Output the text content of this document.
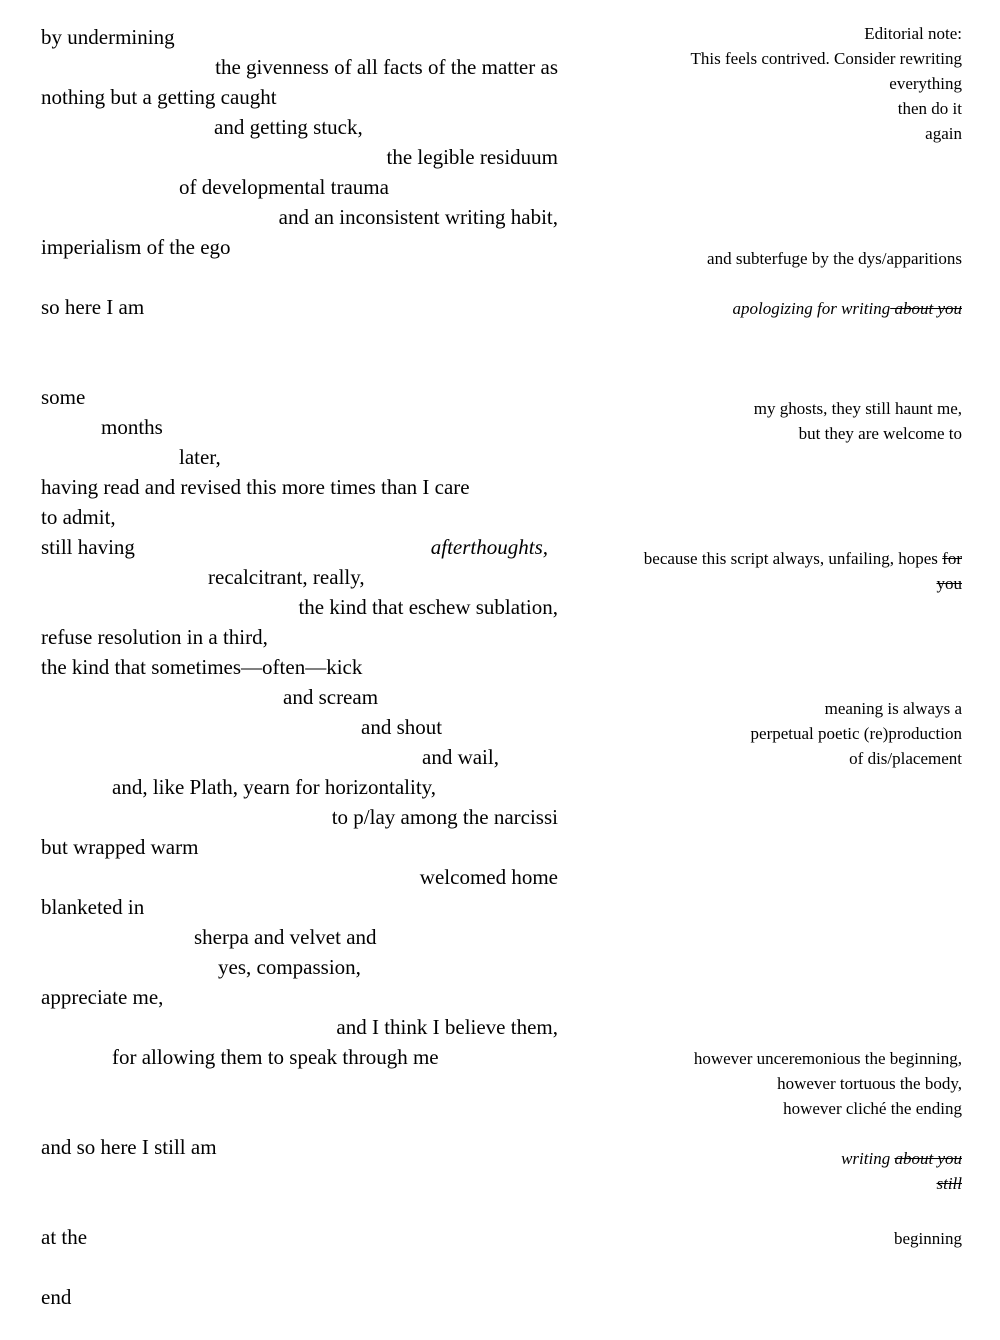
by undermining

the givenness of all facts of the matter as

nothing but a getting caught

and getting stuck,

the legible residuum

of developmental trauma

and an inconsistent writing habit,

imperialism of the ego

so here I am

some

months

later,

having read and revised this more times than I care

to admit,

still having	afterthoughts,

recalcitrant, really,

the kind that eschew sublation,

refuse resolution in a third,

the kind that sometimes—often—kick

and scream

and shout

and wail,

and, like Plath, yearn for horizontality,

to p/lay among the narcissi

but wrapped warm

welcomed home

blanketed in

sherpa and velvet and

yes, compassion,

appreciate me,

and I think I believe them,

for allowing them to speak through me

and so here I still am

at the

end

Editorial note:

This feels contrived. Consider rewriting

everything

then do it

again

and subterfuge by the dys/apparitions

apologizing for writing about you

my ghosts, they still haunt me,

but they are welcome to

because this script always, unfailing, hopes for

you

meaning is always a

perpetual poetic (re)production

of dis/placement

however unceremonious the beginning,

however tortuous the body,

however cliché the ending

writing about you

still

beginning
